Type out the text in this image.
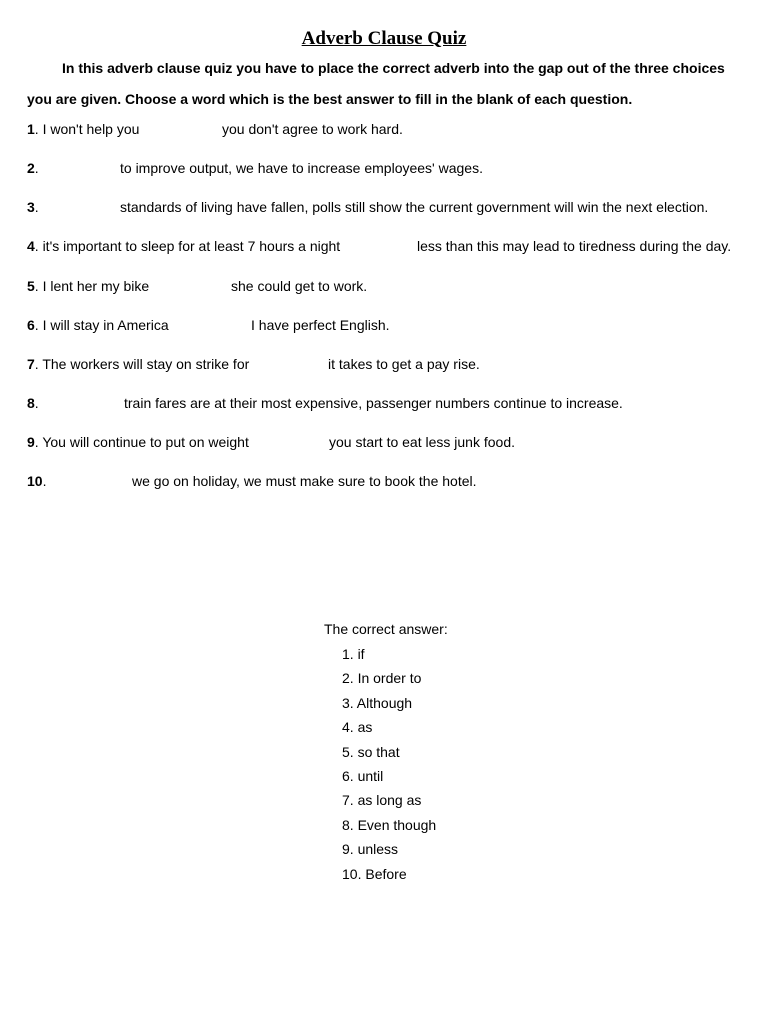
Adverb Clause Quiz
In this adverb clause quiz you have to place the correct adverb into the gap out of the three choices you are given. Choose a word which is the best answer to fill in the blank of each question.
1. I won't help you	you don't agree to work hard.
2.	to improve output, we have to increase employees' wages.
3.	standards of living have fallen, polls still show the current government will win the next election.
4. it's important to sleep for at least 7 hours a night	less than this may lead to tiredness during the day.
5. I lent her my bike	she could get to work.
6. I will stay in America	I have perfect English.
7. The workers will stay on strike for	it takes to get a pay rise.
8.	train fares are at their most expensive, passenger numbers continue to increase.
9. You will continue to put on weight	you start to eat less junk food.
10.	we go on holiday, we must make sure to book the hotel.
The correct answer:
1. if
2. In order to
3. Although
4. as
5. so that
6. until
7. as long as
8. Even though
9. unless
10. Before
